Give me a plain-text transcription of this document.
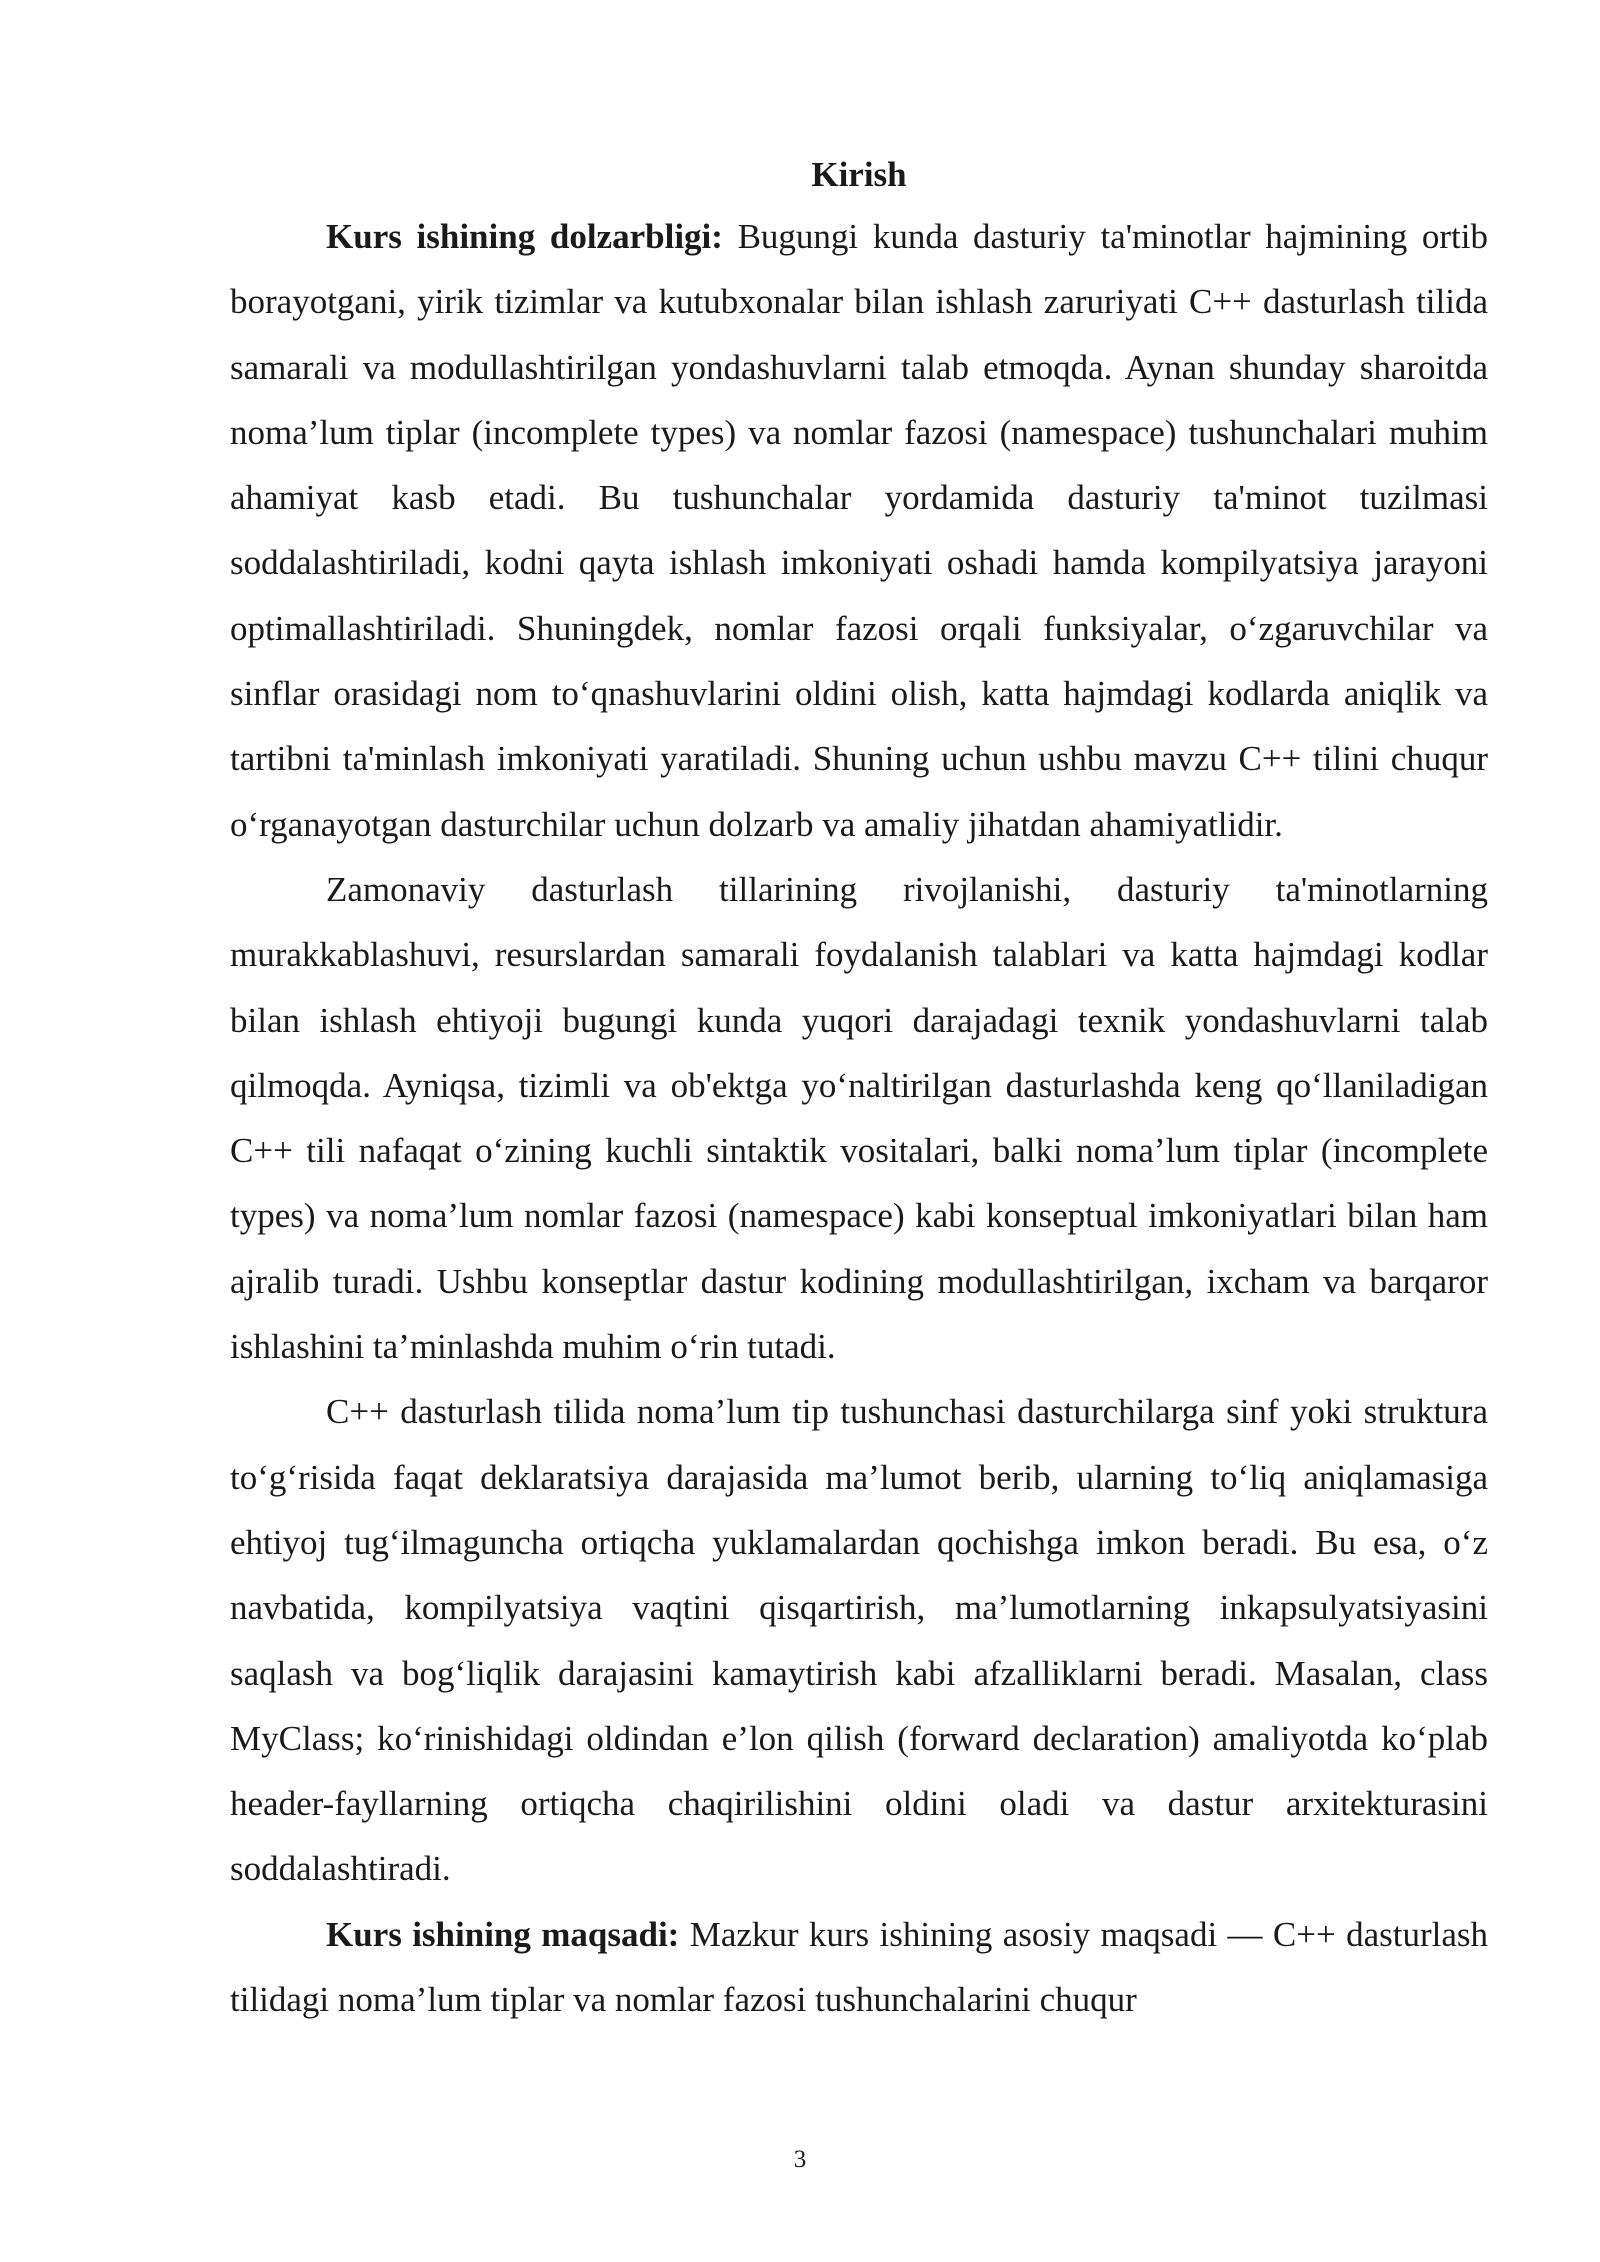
Kirish

Kurs ishining dolzarbligi: Bugungi kunda dasturiy ta'minotlar hajmining ortib borayotgani, yirik tizimlar va kutubxonalar bilan ishlash zaruriyati C++ dasturlash tilida samarali va modullashtirilgan yondashuvlarni talab etmoqda. Aynan shunday sharoitda noma’lum tiplar (incomplete types) va nomlar fazosi (namespace) tushunchalari muhim ahamiyat kasb etadi. Bu tushunchalar yordamida dasturiy ta'minot tuzilmasi soddalashtiriladi, kodni qayta ishlash imkoniyati oshadi hamda kompilyatsiya jarayoni optimallashtiriladi. Shuningdek, nomlar fazosi orqali funksiyalar, o‘zgaruvchilar va sinflar orasidagi nom to‘qnashuvlarini oldini olish, katta hajmdagi kodlarda aniqlik va tartibni ta'minlash imkoniyati yaratiladi. Shuning uchun ushbu mavzu C++ tilini chuqur o‘rganayotgan dasturchilar uchun dolzarb va amaliy jihatdan ahamiyatlidir.

Zamonaviy dasturlash tillarining rivojlanishi, dasturiy ta'minotlarning murakkablashuvi, resurslardan samarali foydalanish talablari va katta hajmdagi kodlar bilan ishlash ehtiyoji bugungi kunda yuqori darajadagi texnik yondashuvlarni talab qilmoqda. Ayniqsa, tizimli va ob'ektga yo‘naltirilgan dasturlashda keng qo‘llaniladigan C++ tili nafaqat o‘zining kuchli sintaktik vositalari, balki noma’lum tiplar (incomplete types) va noma’lum nomlar fazosi (namespace) kabi konseptual imkoniyatlari bilan ham ajralib turadi. Ushbu konseptlar dastur kodining modullashtirilgan, ixcham va barqaror ishlashini ta’minlashda muhim o‘rin tutadi.

C++ dasturlash tilida noma’lum tip tushunchasi dasturchilarga sinf yoki struktura to‘g‘risida faqat deklaratsiya darajasida ma’lumot berib, ularning to‘liq aniqlamasiga ehtiyoj tug‘ilmaguncha ortiqcha yuklamalardan qochishga imkon beradi. Bu esa, o‘z navbatida, kompilyatsiya vaqtini qisqartirish, ma’lumotlarning inkapsulyatsiyasini saqlash va bog‘liqlik darajasini kamaytirish kabi afzalliklarni beradi. Masalan, class MyClass; ko‘rinishidagi oldindan e’lon qilish (forward declaration) amaliyotda ko‘plab header-fayllarning ortiqcha chaqirilishini oldini oladi va dastur arxitekturasini soddalashtiradi.

Kurs ishining maqsadi: Mazkur kurs ishining asosiy maqsadi — C++ dasturlash tilidagi noma’lum tiplar va nomlar fazosi tushunchalarini chuqur

3
